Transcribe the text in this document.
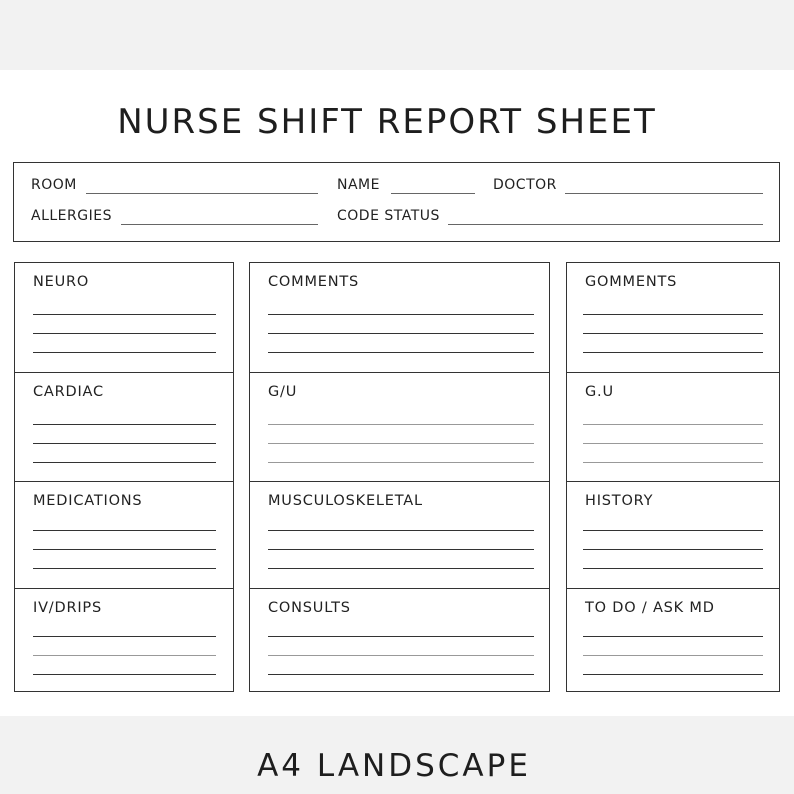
NURSE SHIFT REPORT SHEET
ROOM	NAME	DOCTOR
ALLERGIES	CODE STATUS
NEURO
CARDIAC
MEDICATIONS
IV/DRIPS
COMMENTS
G/U
MUSCULOSKELETAL
CONSULTS
GOMMENTS
G.U
HISTORY
TO DO / ASK MD
A4 LANDSCAPE
